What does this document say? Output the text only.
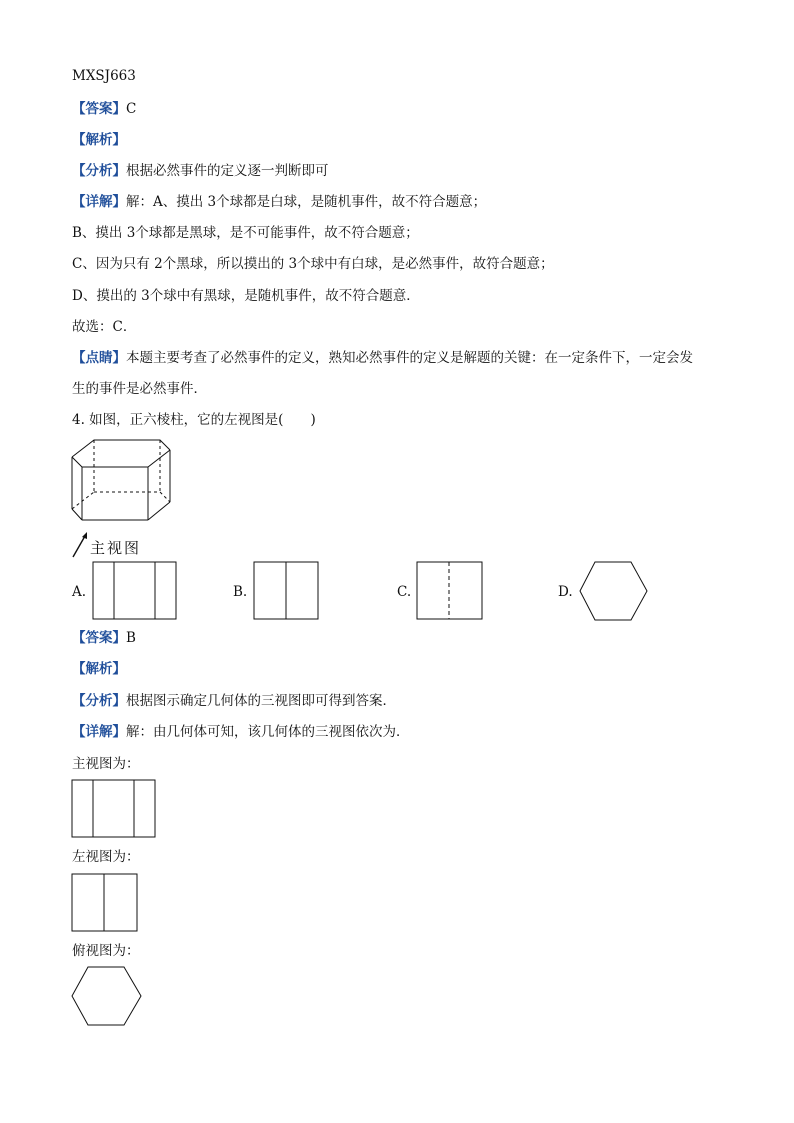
MXSJ663
【答案】C
【解析】
【分析】根据必然事件的定义逐一判断即可
【详解】解：A、摸出 3个球都是白球，是随机事件，故不符合题意；
B、摸出 3个球都是黑球，是不可能事件，故不符合题意；
C、因为只有 2个黑球，所以摸出的 3个球中有白球，是必然事件，故符合题意；
D、摸出的 3个球中有黑球，是随机事件，故不符合题意．
故选：C．
【点睛】本题主要考查了必然事件的定义，熟知必然事件的定义是解题的关键：在一定条件下，一定会发
生的事件是必然事件．
4. 如图，正六棱柱，它的左视图是(　　)
主视图
A.	B.	C.	D.
【答案】B
【解析】
【分析】根据图示确定几何体的三视图即可得到答案．
【详解】解：由几何体可知，该几何体的三视图依次为．
主视图为：
左视图为：
俯视图为：
